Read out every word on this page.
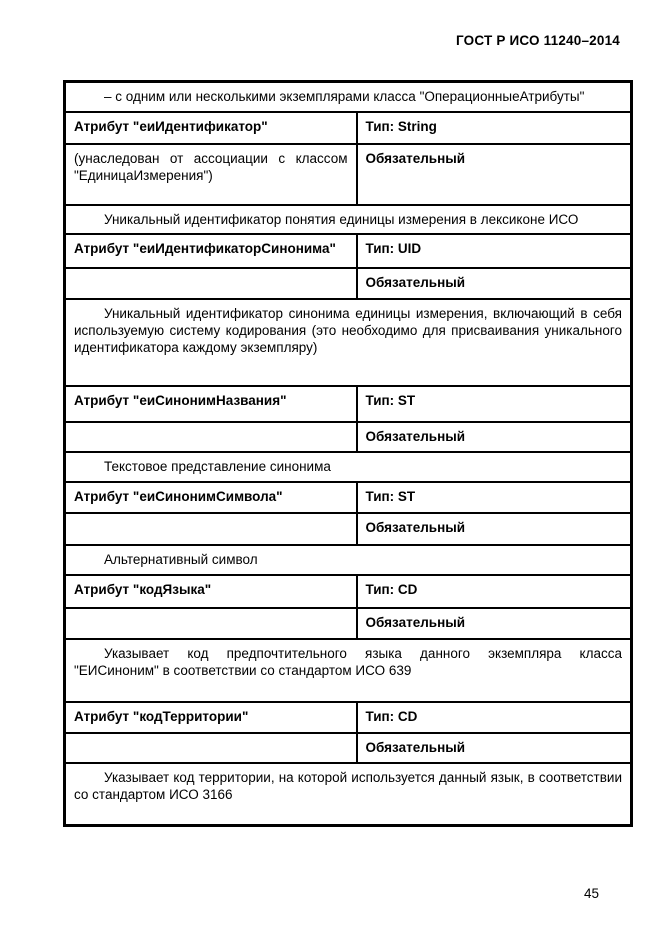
ГОСТ Р ИСО 11240–2014
– с одним или несколькими экземплярами класса "ОперационныеАтрибуты"	
Атрибут "еиИдентификатор"	Тип: String
(унаследован от ассоциации с классом "ЕдиницаИзмерения")	Обязательный
Уникальный идентификатор понятия единицы измерения в лексиконе ИСО	
Атрибут "еиИдентификаторСинонима"	Тип: UID
	Обязательный
Уникальный идентификатор синонима единицы измерения, включающий в себя используемую систему кодирования (это необходимо для присваивания уникального идентификатора каждому экземпляру)	
Атрибут "еиСинонимНазвания"	Тип: ST
	Обязательный
Текстовое представление синонима	
Атрибут "еиСинонимСимвола"	Тип: ST
	Обязательный
Альтернативный символ	
Атрибут "кодЯзыка"	Тип: CD
	Обязательный
Указывает код предпочтительного языка данного экземпляра класса "ЕИСиноним" в соответствии со стандартом ИСО 639	
Атрибут "кодТерритории"	Тип: CD
	Обязательный
Указывает код территории, на которой используется данный язык, в соответствии со стандартом ИСО 3166	
45
